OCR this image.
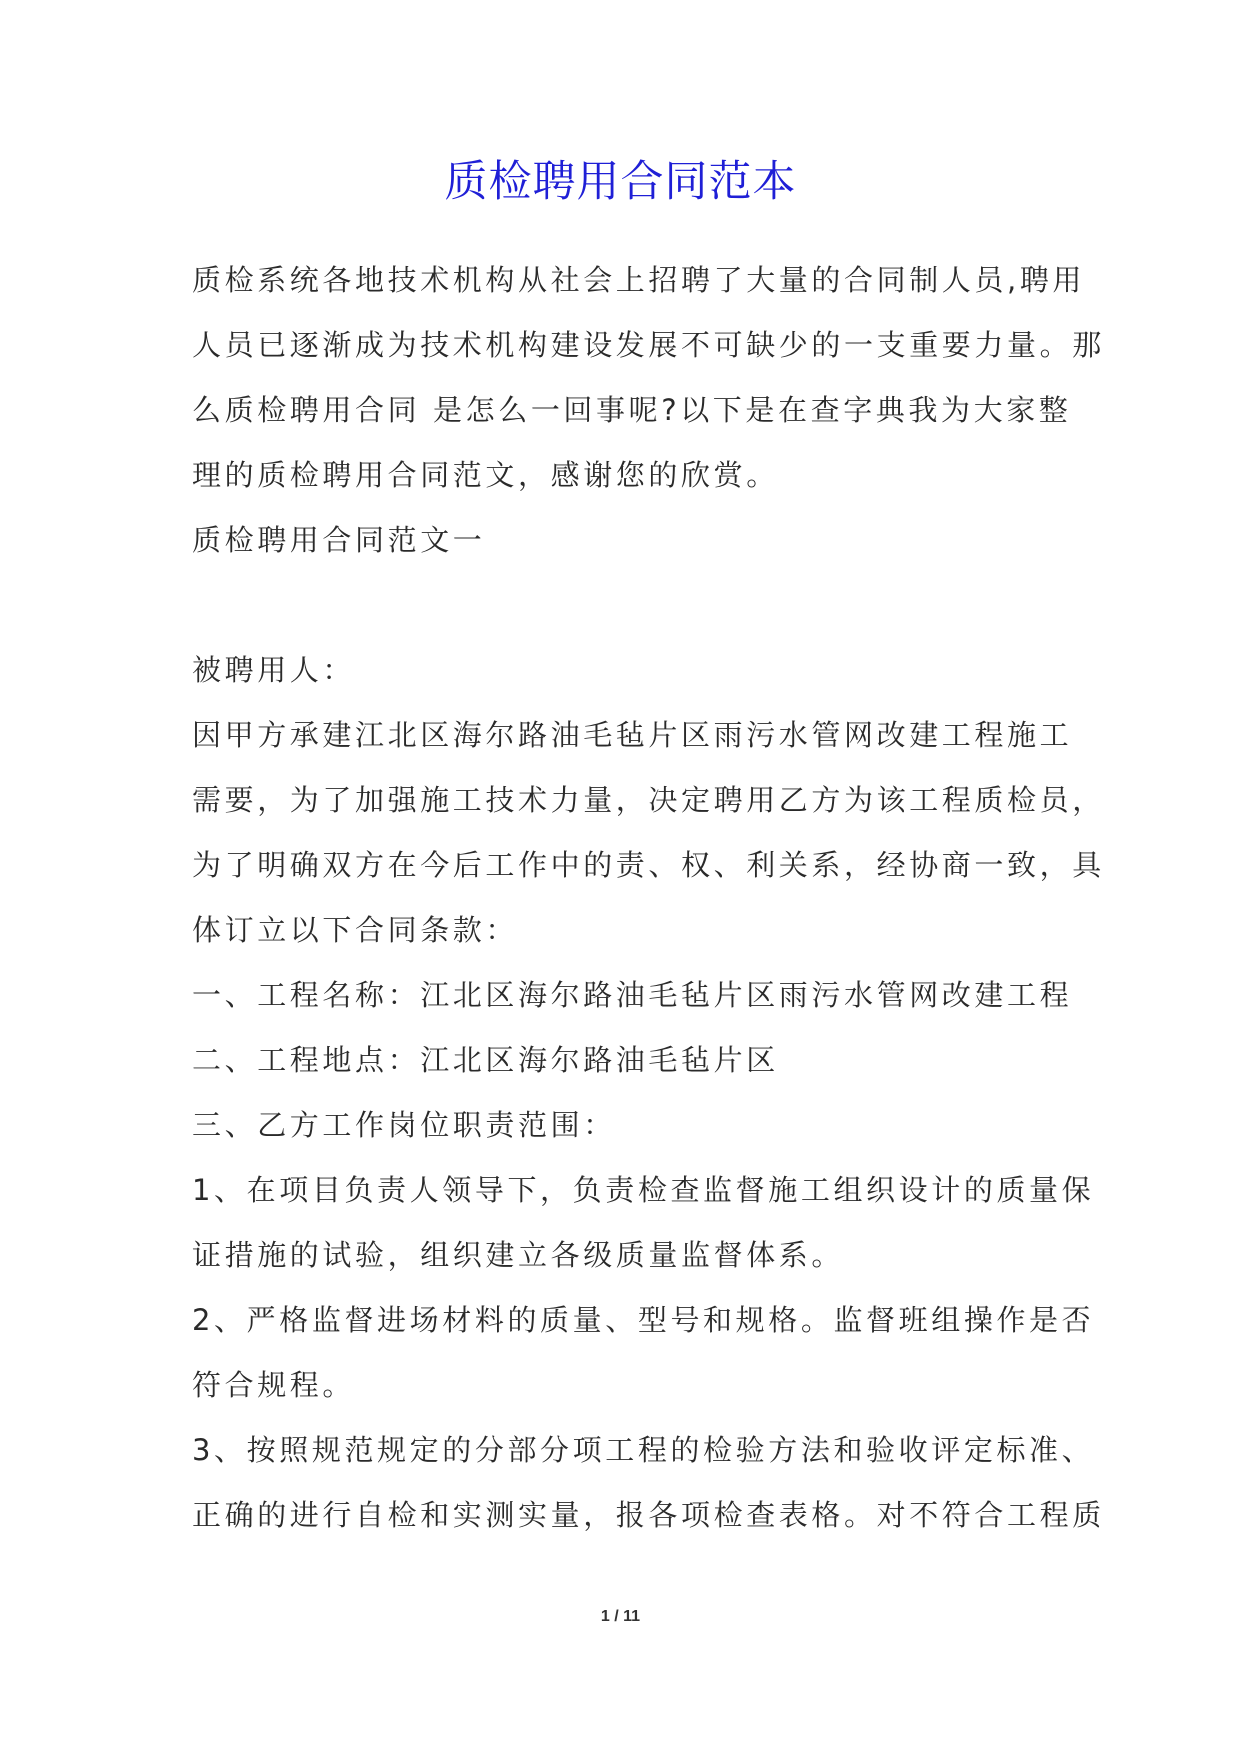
质检聘用合同范本
质检系统各地技术机构从社会上招聘了大量的合同制人员,聘用
人员已逐渐成为技术机构建设发展不可缺少的一支重要力量。那
么质检聘用合同 是怎么一回事呢?以下是在查字典我为大家整
理的质检聘用合同范文，感谢您的欣赏。
质检聘用合同范文一
被聘用人：
因甲方承建江北区海尔路油毛毡片区雨污水管网改建工程施工
需要，为了加强施工技术力量，决定聘用乙方为该工程质检员，
为了明确双方在今后工作中的责、权、利关系，经协商一致，具
体订立以下合同条款：
一、工程名称：江北区海尔路油毛毡片区雨污水管网改建工程
二、工程地点：江北区海尔路油毛毡片区
三、乙方工作岗位职责范围：
1、在项目负责人领导下，负责检查监督施工组织设计的质量保
证措施的试验，组织建立各级质量监督体系。
2、严格监督进场材料的质量、型号和规格。监督班组操作是否
符合规程。
3、按照规范规定的分部分项工程的检验方法和验收评定标准、
正确的进行自检和实测实量，报各项检查表格。对不符合工程质
1 / 11
